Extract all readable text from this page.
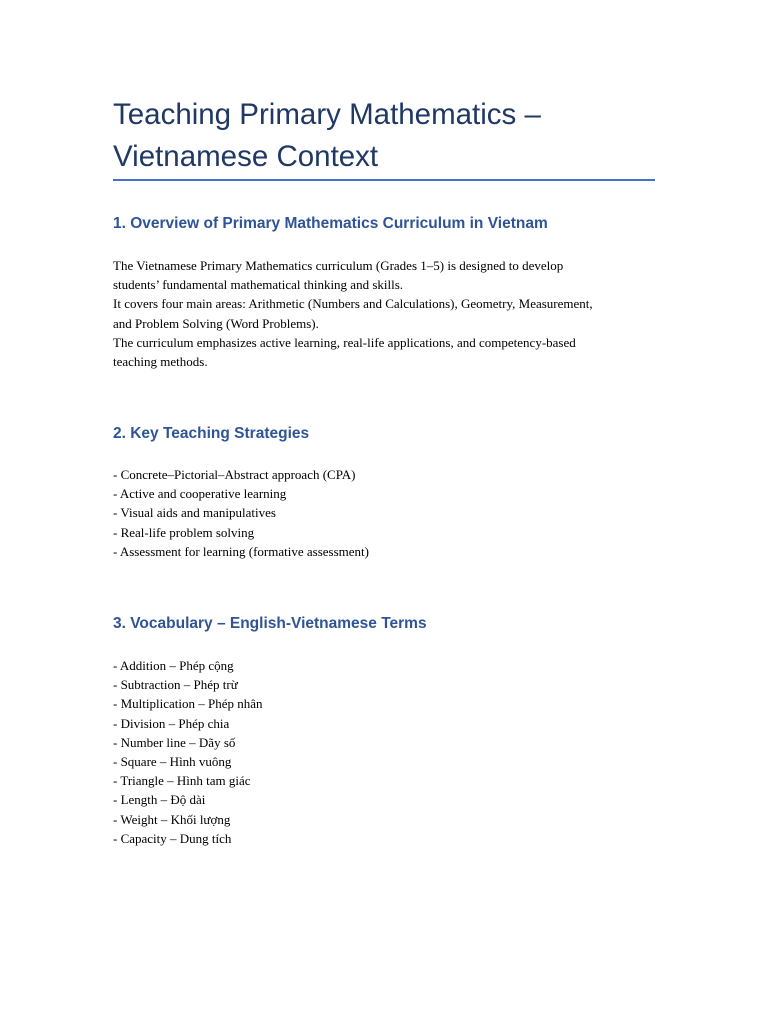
Teaching Primary Mathematics –
Vietnamese Context
1. Overview of Primary Mathematics Curriculum in Vietnam

The Vietnamese Primary Mathematics curriculum (Grades 1–5) is designed to develop
students’ fundamental mathematical thinking and skills.
It covers four main areas: Arithmetic (Numbers and Calculations), Geometry, Measurement,
and Problem Solving (Word Problems).
The curriculum emphasizes active learning, real-life applications, and competency-based
teaching methods.

2. Key Teaching Strategies
- Concrete–Pictorial–Abstract approach (CPA)
- Active and cooperative learning
- Visual aids and manipulatives
- Real-life problem solving
- Assessment for learning (formative assessment)
3. Vocabulary – English-Vietnamese Terms
- Addition – Phép cộng
- Subtraction – Phép trừ
- Multiplication – Phép nhân
- Division – Phép chia
- Number line – Dãy số
- Square – Hình vuông
- Triangle – Hình tam giác
- Length – Độ dài
- Weight – Khối lượng
- Capacity – Dung tích
